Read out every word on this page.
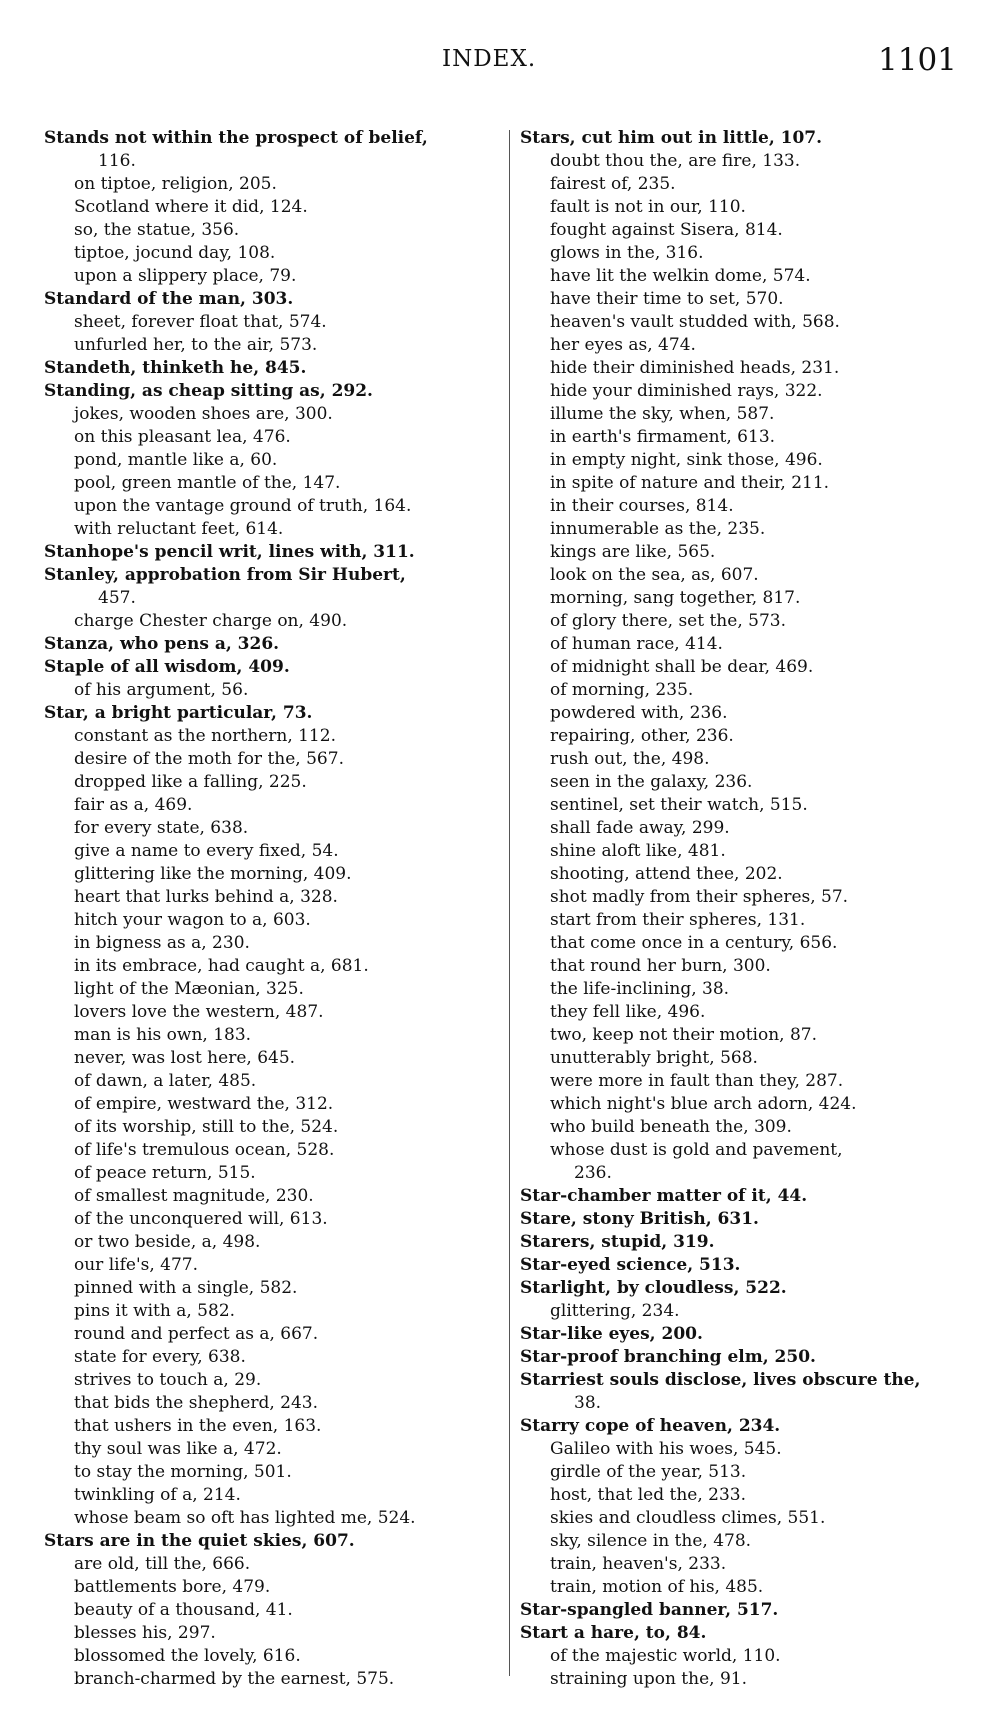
INDEX.	1101
Stands not within the prospect of belief,
116.
on tiptoe, religion, 205.
Scotland where it did, 124.
so, the statue, 356.
tiptoe, jocund day, 108.
upon a slippery place, 79.
Standard of the man, 303.
sheet, forever float that, 574.
unfurled her, to the air, 573.
Standeth, thinketh he, 845.
Standing, as cheap sitting as, 292.
jokes, wooden shoes are, 300.
on this pleasant lea, 476.
pond, mantle like a, 60.
pool, green mantle of the, 147.
upon the vantage ground of truth, 164.
with reluctant feet, 614.
Stanhope's pencil writ, lines with, 311.
Stanley, approbation from Sir Hubert,
457.
charge Chester charge on, 490.
Stanza, who pens a, 326.
Staple of all wisdom, 409.
of his argument, 56.
Star, a bright particular, 73.
constant as the northern, 112.
desire of the moth for the, 567.
dropped like a falling, 225.
fair as a, 469.
for every state, 638.
give a name to every fixed, 54.
glittering like the morning, 409.
heart that lurks behind a, 328.
hitch your wagon to a, 603.
in bigness as a, 230.
in its embrace, had caught a, 681.
light of the Mæonian, 325.
lovers love the western, 487.
man is his own, 183.
never, was lost here, 645.
of dawn, a later, 485.
of empire, westward the, 312.
of its worship, still to the, 524.
of life's tremulous ocean, 528.
of peace return, 515.
of smallest magnitude, 230.
of the unconquered will, 613.
or two beside, a, 498.
our life's, 477.
pinned with a single, 582.
pins it with a, 582.
round and perfect as a, 667.
state for every, 638.
strives to touch a, 29.
that bids the shepherd, 243.
that ushers in the even, 163.
thy soul was like a, 472.
to stay the morning, 501.
twinkling of a, 214.
whose beam so oft has lighted me, 524.
Stars are in the quiet skies, 607.
are old, till the, 666.
battlements bore, 479.
beauty of a thousand, 41.
blesses his, 297.
blossomed the lovely, 616.
branch-charmed by the earnest, 575.
Stars, cut him out in little, 107.
doubt thou the, are fire, 133.
fairest of, 235.
fault is not in our, 110.
fought against Sisera, 814.
glows in the, 316.
have lit the welkin dome, 574.
have their time to set, 570.
heaven's vault studded with, 568.
her eyes as, 474.
hide their diminished heads, 231.
hide your diminished rays, 322.
illume the sky, when, 587.
in earth's firmament, 613.
in empty night, sink those, 496.
in spite of nature and their, 211.
in their courses, 814.
innumerable as the, 235.
kings are like, 565.
look on the sea, as, 607.
morning, sang together, 817.
of glory there, set the, 573.
of human race, 414.
of midnight shall be dear, 469.
of morning, 235.
powdered with, 236.
repairing, other, 236.
rush out, the, 498.
seen in the galaxy, 236.
sentinel, set their watch, 515.
shall fade away, 299.
shine aloft like, 481.
shooting, attend thee, 202.
shot madly from their spheres, 57.
start from their spheres, 131.
that come once in a century, 656.
that round her burn, 300.
the life-inclining, 38.
they fell like, 496.
two, keep not their motion, 87.
unutterably bright, 568.
were more in fault than they, 287.
which night's blue arch adorn, 424.
who build beneath the, 309.
whose dust is gold and pavement,
236.
Star-chamber matter of it, 44.
Stare, stony British, 631.
Starers, stupid, 319.
Star-eyed science, 513.
Starlight, by cloudless, 522.
glittering, 234.
Star-like eyes, 200.
Star-proof branching elm, 250.
Starriest souls disclose, lives obscure the,
38.
Starry cope of heaven, 234.
Galileo with his woes, 545.
girdle of the year, 513.
host, that led the, 233.
skies and cloudless climes, 551.
sky, silence in the, 478.
train, heaven's, 233.
train, motion of his, 485.
Star-spangled banner, 517.
Start a hare, to, 84.
of the majestic world, 110.
straining upon the, 91.
